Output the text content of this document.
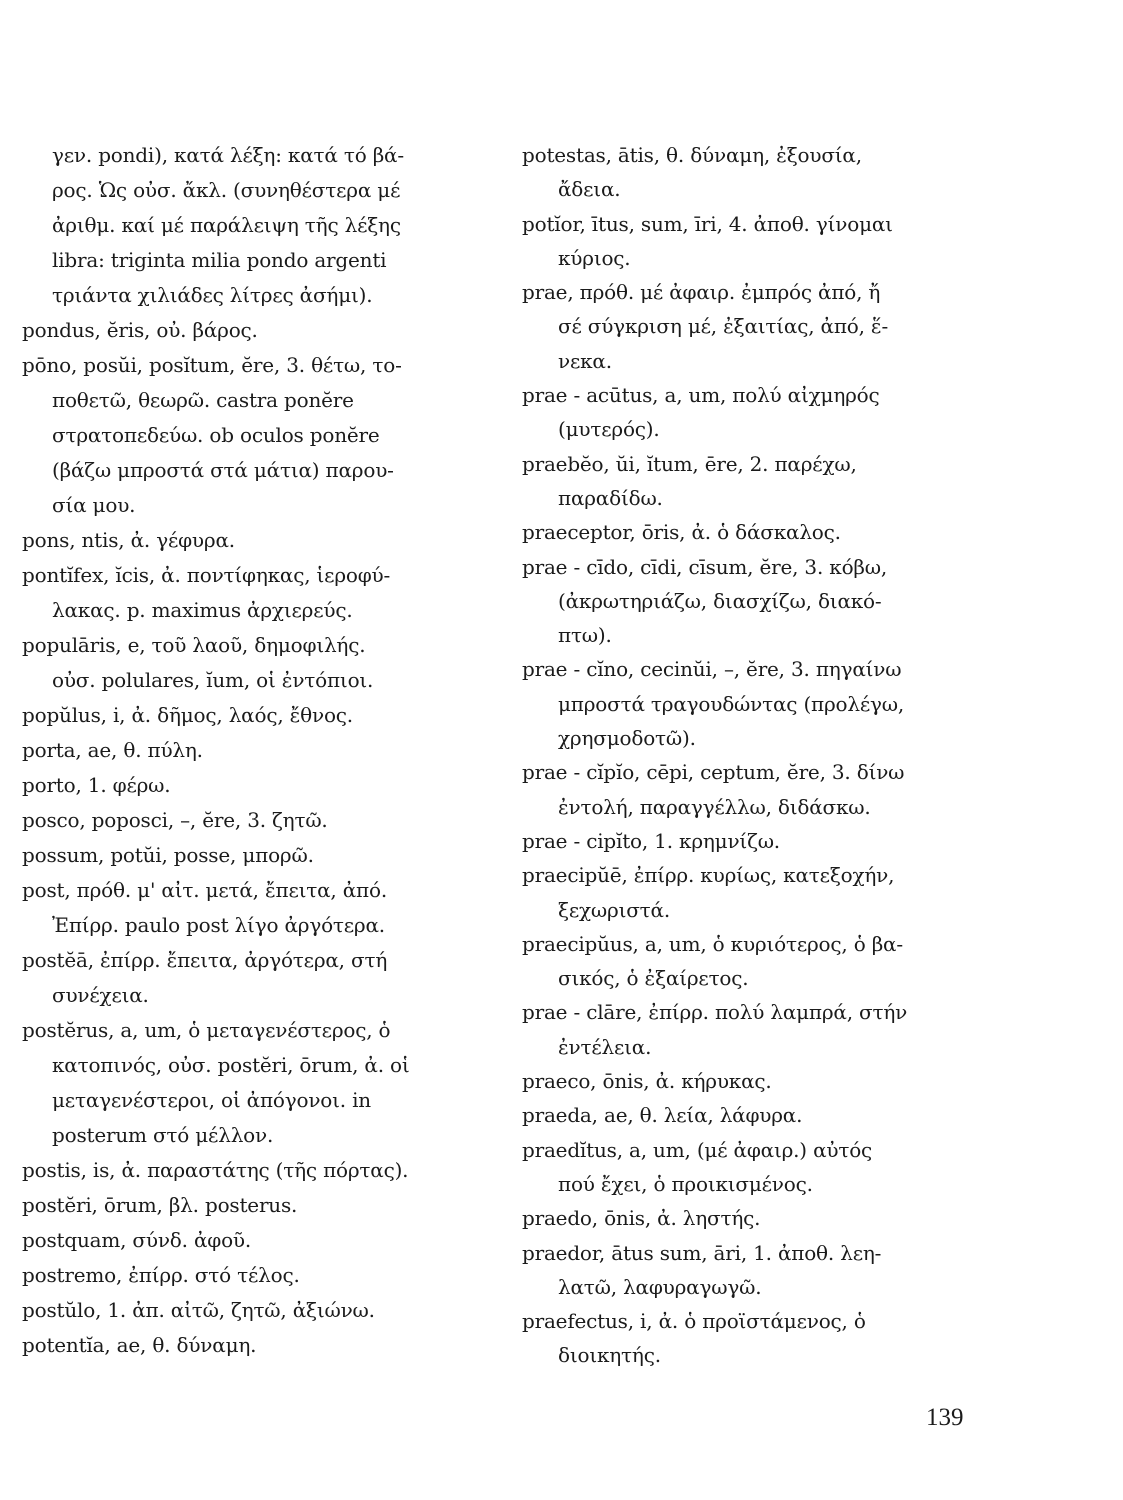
γεν. pondi), κατά λέξη: κατά τό βά-
ρος. Ὡς οὐσ. ἄκλ. (συνηθέστερα μέ
ἀριθμ. καί μέ παράλειψη τῆς λέξης
libra: triginta milia pondo argenti
τριάντα χιλιάδες λίτρες ἀσήμι).
pondus, ĕris, οὐ. βάρος.
pōno, posŭi, posĭtum, ĕre, 3. θέτω, το-
ποθετῶ, θεωρῶ. castra ponĕre
στρατοπεδεύω. ob oculos ponĕre
(βάζω μπροστά στά μάτια) παρου-
σία μου.
pons, ntis, ἀ. γέφυρα.
pontĭfex, ĭcis, ἀ. ποντίφηκας, ἱεροφύ-
λακας. p. maximus ἀρχιερεύς.
populāris, e, τοῦ λαοῦ, δημοφιλής.
οὐσ. polulares, ĭum, οἱ ἐντόπιοι.
popŭlus, i, ἀ. δῆμος, λαός, ἔθνος.
porta, ae, θ. πύλη.
porto, 1. φέρω.
posco, poposci, –, ĕre, 3. ζητῶ.
possum, potŭi, posse, μπορῶ.
post, πρόθ. μ' αἰτ. μετά, ἔπειτα, ἀπό.
Ἐπίρρ. paulo post λίγο ἀργότερα.
postĕā, ἐπίρρ. ἔπειτα, ἀργότερα, στή
συνέχεια.
postĕrus, a, um, ὁ μεταγενέστερος, ὁ
κατοπινός, οὐσ. postĕri, ōrum, ἀ. οἱ
μεταγενέστεροι, οἱ ἀπόγονοι. in
posterum στό μέλλον.
postis, is, ἀ. παραστάτης (τῆς πόρτας).
postĕri, ōrum, βλ. posterus.
postquam, σύνδ. ἀφοῦ.
postremo, ἐπίρρ. στό τέλος.
postŭlo, 1. ἀπ. αἰτῶ, ζητῶ, ἀξιώνω.
potentĭa, ae, θ. δύναμη.
potestas, ātis, θ. δύναμη, ἐξουσία,
ἄδεια.
potĭor, ītus, sum, īri, 4. ἀποθ. γίνομαι
κύριος.
prae, πρόθ. μέ ἀφαιρ. ἐμπρός ἀπό, ἤ
σέ σύγκριση μέ, ἐξαιτίας, ἀπό, ἕ-
νεκα.
prae - acūtus, a, um, πολύ αἰχμηρός
(μυτερός).
praebĕo, ŭi, ĭtum, ēre, 2. παρέχω,
παραδίδω.
praeceptor, ōris, ἀ. ὁ δάσκαλος.
prae - cīdo, cīdi, cīsum, ĕre, 3. κόβω,
(ἀκρωτηριάζω, διασχίζω, διακό-
πτω).
prae - cĭno, cecinŭi, –, ĕre, 3. πηγαίνω
μπροστά τραγουδώντας (προλέγω,
χρησμοδοτῶ).
prae - cĭpĭo, cēpi, ceptum, ĕre, 3. δίνω
ἐντολή, παραγγέλλω, διδάσκω.
prae - cipĭto, 1. κρημνίζω.
praecipŭē, ἐπίρρ. κυρίως, κατεξοχήν,
ξεχωριστά.
praecipŭus, a, um, ὁ κυριότερος, ὁ βα-
σικός, ὁ ἐξαίρετος.
prae - clāre, ἐπίρρ. πολύ λαμπρά, στήν
ἐντέλεια.
praeco, ōnis, ἀ. κήρυκας.
praeda, ae, θ. λεία, λάφυρα.
praedĭtus, a, um, (μέ ἀφαιρ.) αὐτός
πού ἔχει, ὁ προικισμένος.
praedo, ōnis, ἀ. ληστής.
praedor, ātus sum, āri, 1. ἀποθ. λεη-
λατῶ, λαφυραγωγῶ.
praefectus, i, ἀ. ὁ προϊστάμενος, ὁ
διοικητής.
139
